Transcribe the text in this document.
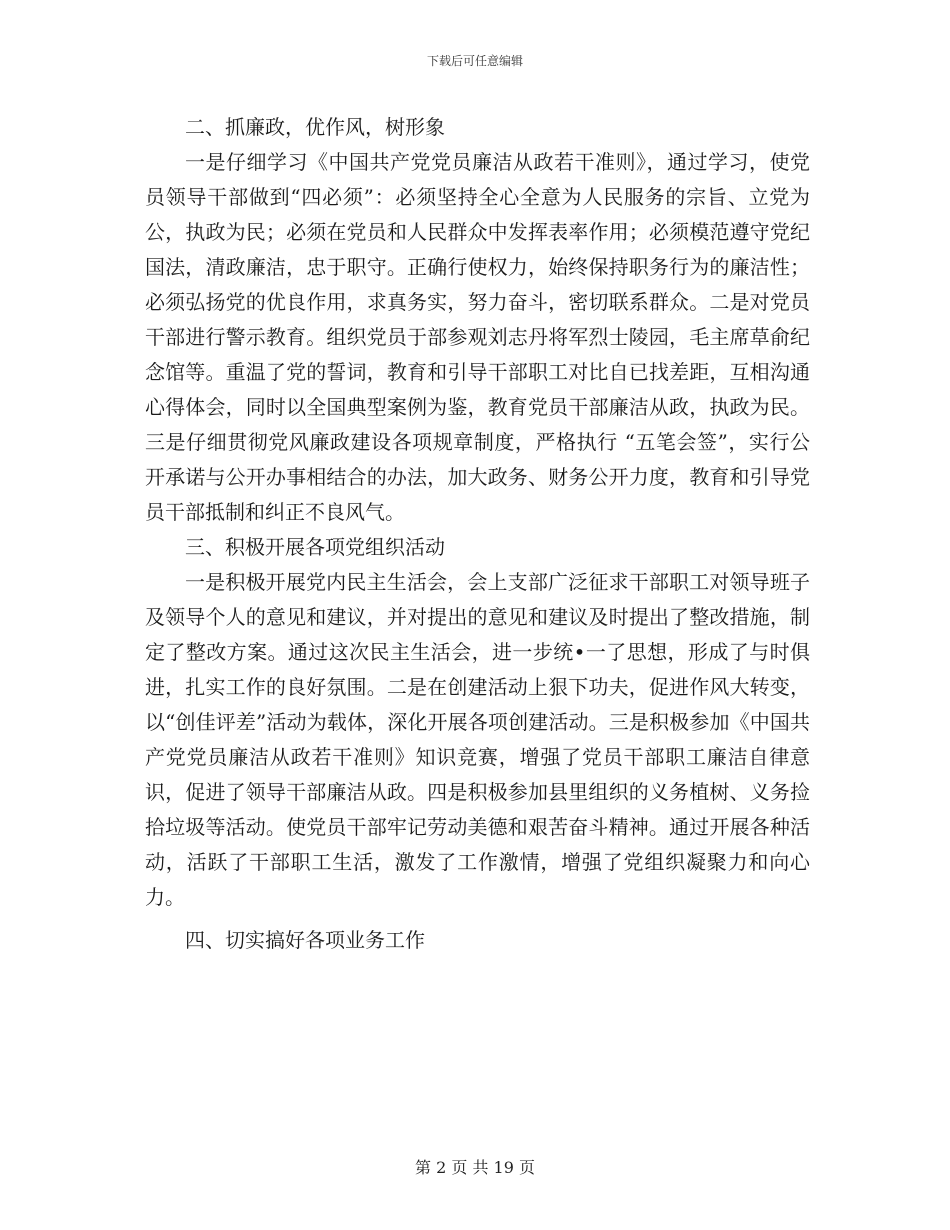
下载后可任意编辑

二、抓廉政，优作风，树形象

一是仔细学习《中国共产党党员廉洁从政若干准则》，通过学习，使党员领导干部做到“四必须”：必须坚持全心全意为人民服务的宗旨、立党为公，执政为民；必须在党员和人民群众中发挥表率作用；必须模范遵守党纪国法，清政廉洁，忠于职守。正确行使权力，始终保持职务行为的廉洁性；必须弘扬党的优良作用，求真务实，努力奋斗，密切联系群众。二是对党员干部进行警示教育。组织党员于部参观刘志丹将军烈士陵园，毛主席草俞纪念馆等。重温了党的誓词，教育和引导干部职工对比自已找差距，互相沟通心得体会，同时以全国典型案例为鉴，教育党员干部廉洁从政，执政为民。三是仔细贯彻党风廉政建设各项规章制度，严格执行 “五笔会签”，实行公开承诺与公开办事相结合的办法，加大政务、财务公开力度，教育和引导党员干部抵制和纠正不良风气。

三、积极开展各项党组织活动

一是积极开展党内民主生活会，会上支部广泛征求干部职工对领导班子及领导个人的意见和建议，并对提出的意见和建议及时提出了整改措施，制定了整改方案。通过这次民主生活会，进一步统•一了思想，形成了与时俱进，扎实工作的良好氛围。二是在创建活动上狠下功夫，促进作风大转变，以“创佳评差”活动为载体，深化开展各项创建活动。三是积极参加《中国共产党党员廉洁从政若干准则》知识竞赛，增强了党员干部职工廉洁自律意识，促进了领导干部廉洁从政。四是积极参加县里组织的义务植树、义务捡拾垃圾等活动。使党员干部牢记劳动美德和艰苦奋斗精神。通过开展各种活动，活跃了干部职工生活，激发了工作激情，增强了党组织凝聚力和向心力。

四、切实搞好各项业务工作

第 2 页 共 19 页
